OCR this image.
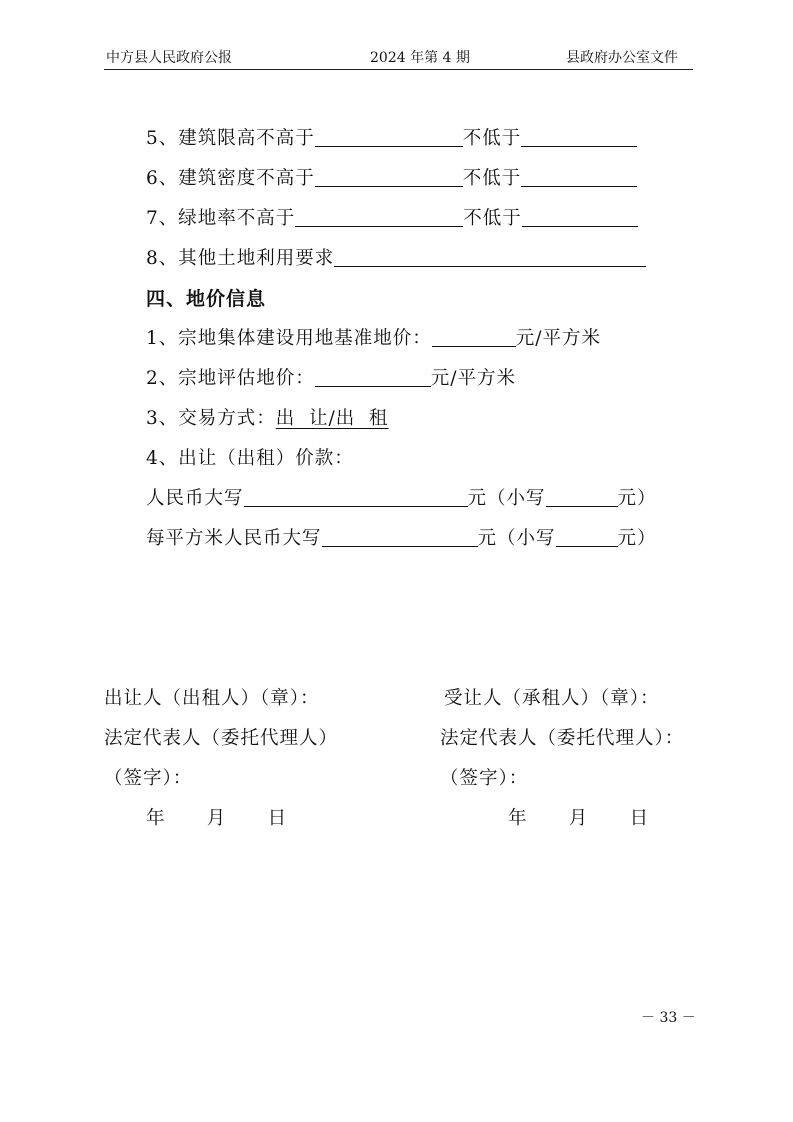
中方县人民政府公报	2024 年第 4 期	县政府办公室文件
5、建筑限高不高于	不低于
6、建筑密度不高于	不低于
7、绿地率不高于	不低于
8、其他土地利用要求
四、地价信息
1、宗地集体建设用地基准地价：	元/平方米
2、宗地评估地价：	元/平方米
3、交易方式：出  让/出  租
4、出让（出租）价款：
人民币大写	元（小写	元）
每平方米人民币大写	元（小写	元）
出让人（出租人）（章）：	受让人（承租人）（章）：
法定代表人（委托代理人）	法定代表人（委托代理人）：
（签字）：	（签字）：
年      月      日	年      月      日
－ 33 －
